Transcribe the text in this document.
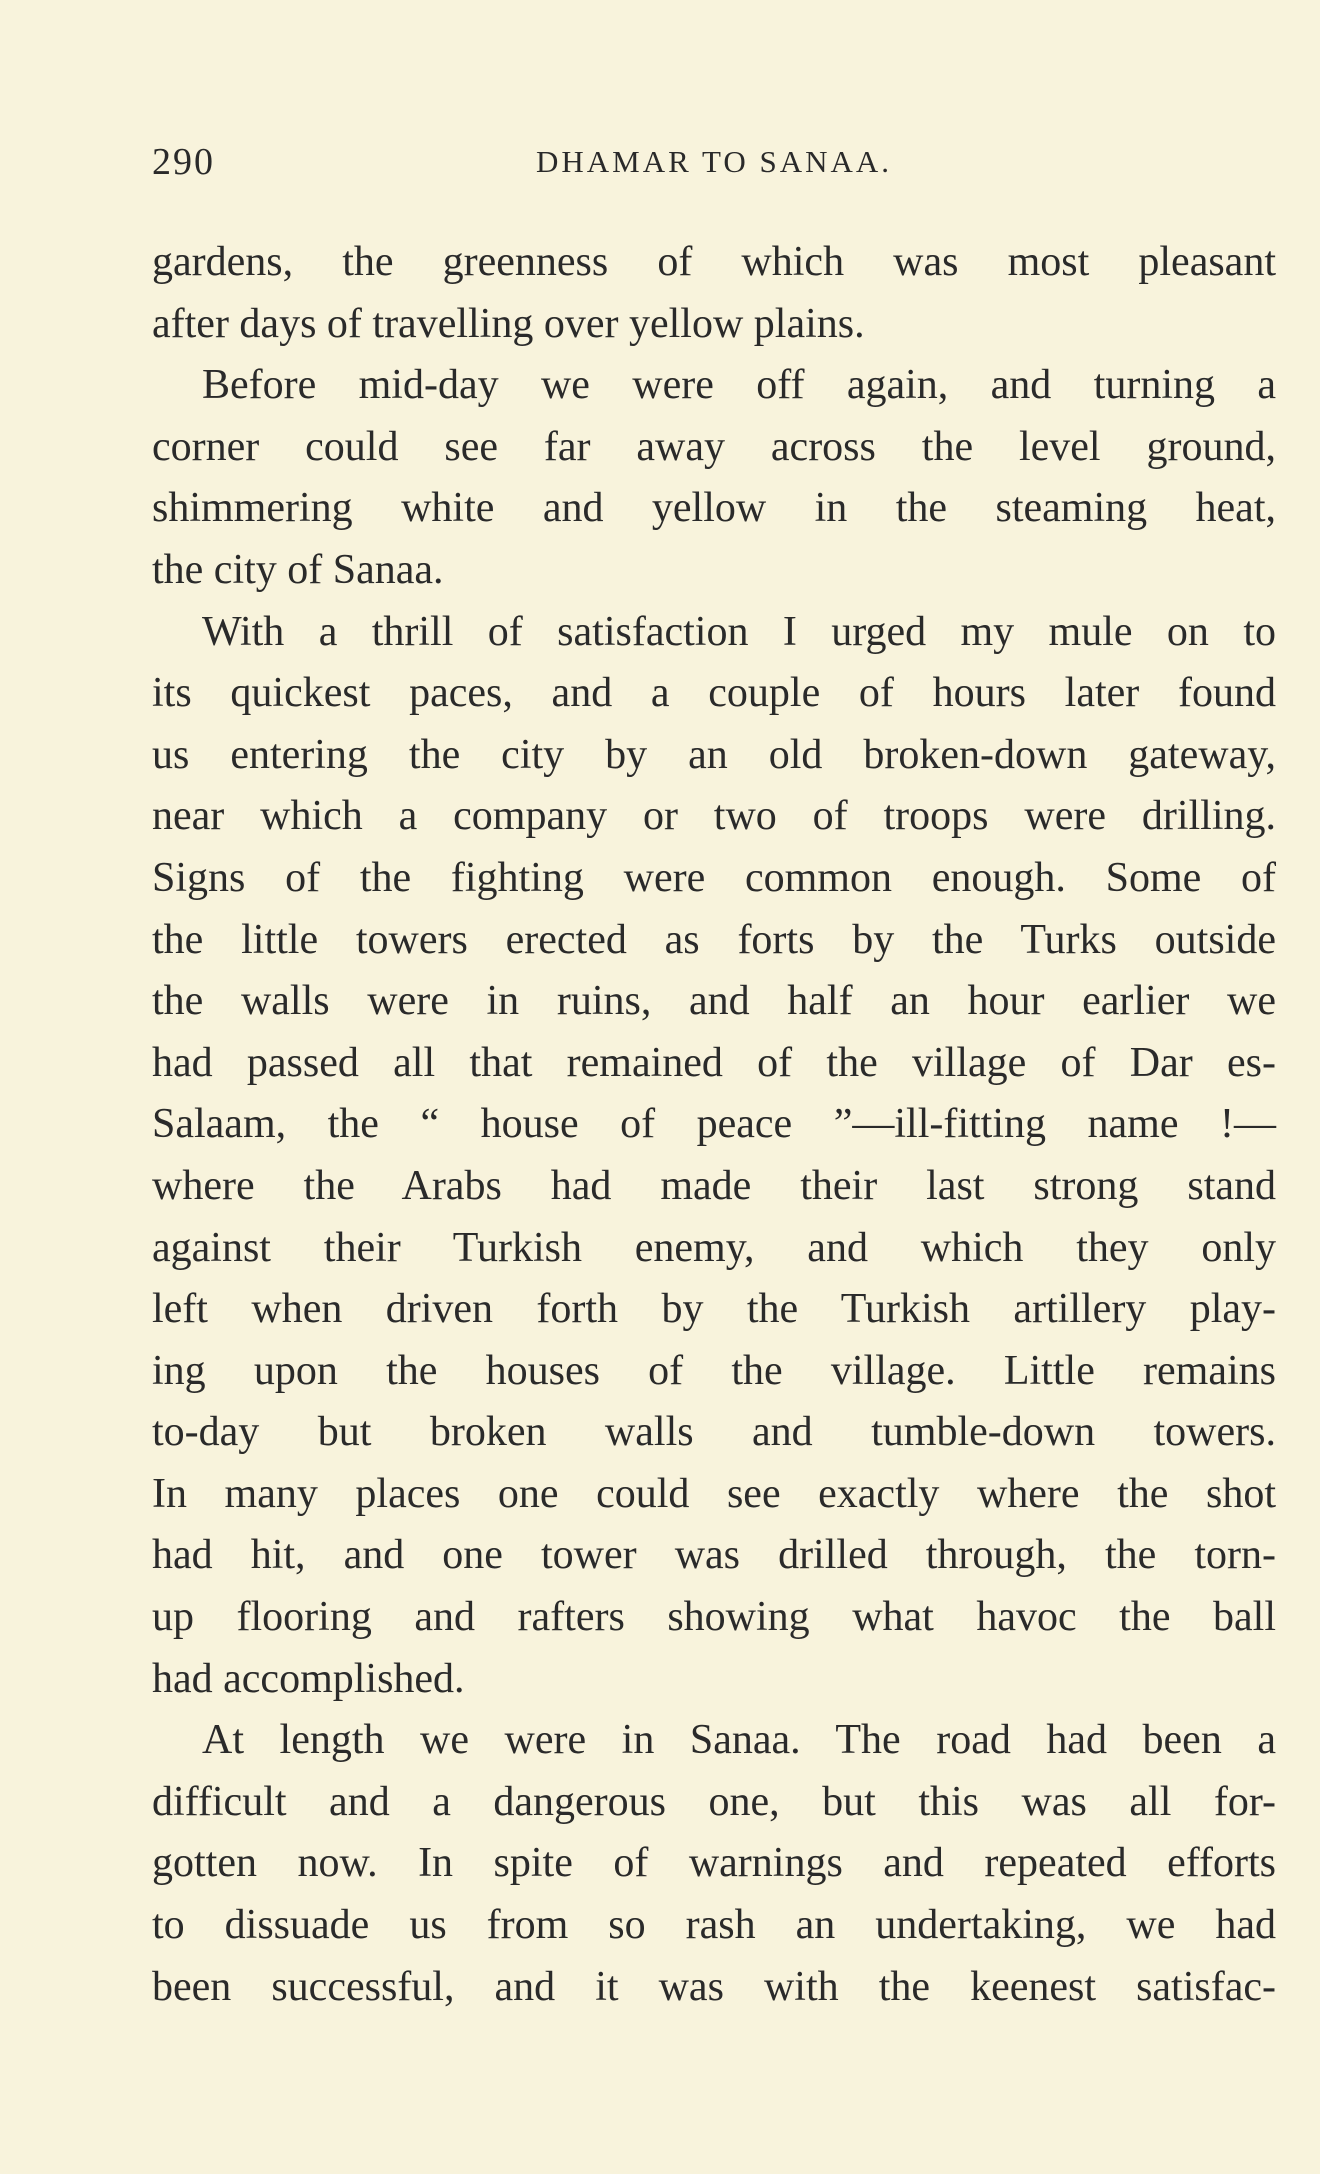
290	DHAMAR TO SANAA.
gardens, the greenness of which was most pleasant
after days of travelling over yellow plains.
Before mid-day we were off again, and turning a
corner could see far away across the level ground,
shimmering white and yellow in the steaming heat,
the city of Sanaa.
With a thrill of satisfaction I urged my mule on to
its quickest paces, and a couple of hours later found
us entering the city by an old broken-down gateway,
near which a company or two of troops were drilling.
Signs of the fighting were common enough. Some of
the little towers erected as forts by the Turks outside
the walls were in ruins, and half an hour earlier we
had passed all that remained of the village of Dar es-
Salaam, the “ house of peace ”—ill-fitting name !—
where the Arabs had made their last strong stand
against their Turkish enemy, and which they only
left when driven forth by the Turkish artillery play-
ing upon the houses of the village. Little remains
to-day but broken walls and tumble-down towers.
In many places one could see exactly where the shot
had hit, and one tower was drilled through, the torn-
up flooring and rafters showing what havoc the ball
had accomplished.
At length we were in Sanaa. The road had been a
difficult and a dangerous one, but this was all for-
gotten now. In spite of warnings and repeated efforts
to dissuade us from so rash an undertaking, we had
been successful, and it was with the keenest satisfac-
